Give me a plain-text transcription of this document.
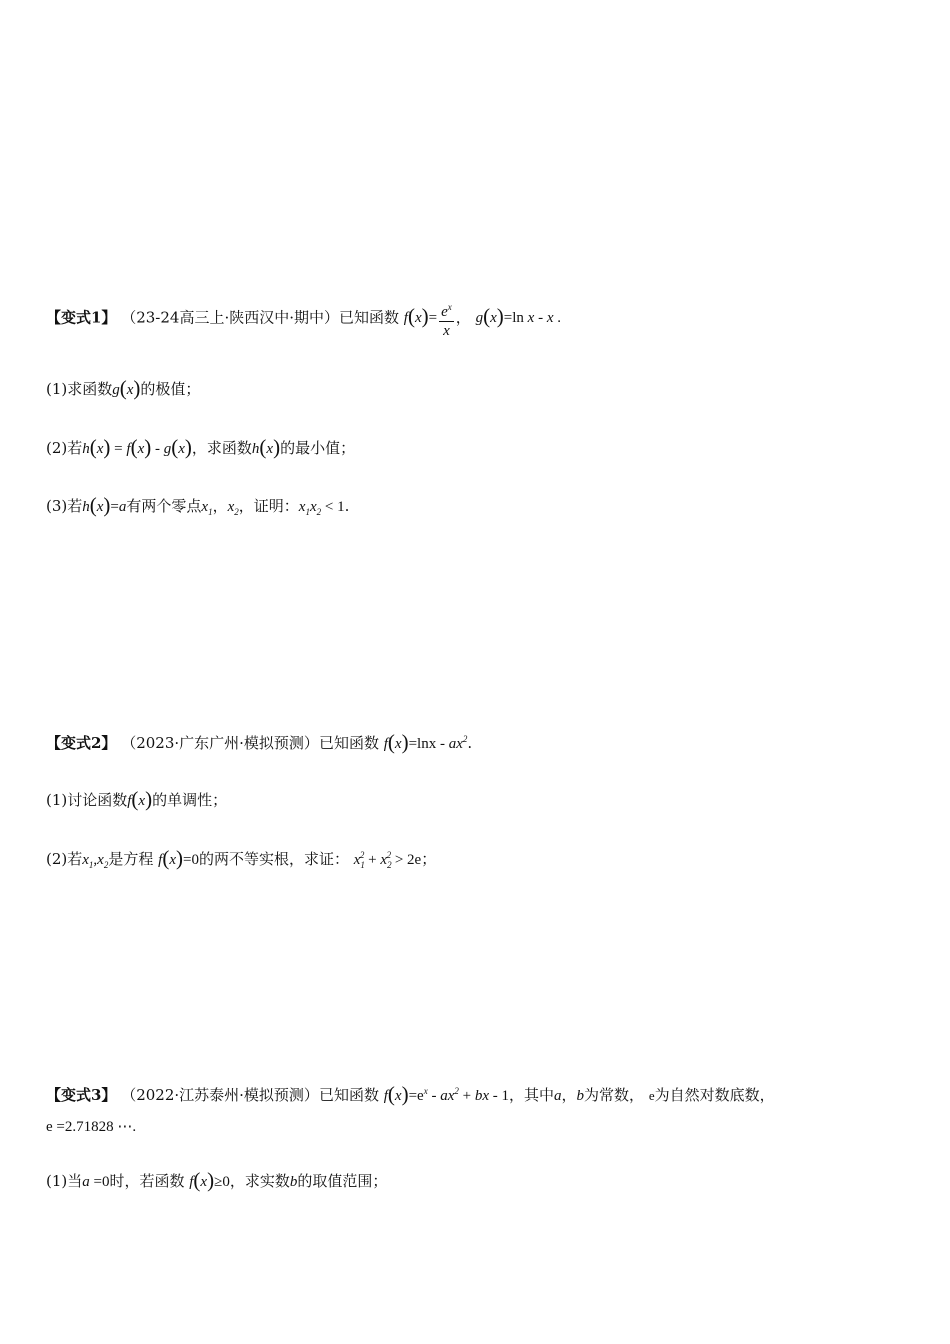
【变式1】 （23-24高三上·陕西汉中·期中）已知函数 $f(x)= \frac{e^x}{x}$ ， g(x)=ln x - x .
(1)求函数g(x)的极值；
(2)若h(x) = f(x) - g(x)，求函数h(x)的最小值；
(3)若h(x)=a有两个零点$x_1$，$x_2$，证明：$x_1x_2 < 1$.
【变式2】 （2023·广东广州·模拟预测）已知函数 $f(x)=\ln x - ax^2$.
(1)讨论函数f(x)的单调性；
(2)若$x_1,x_2$是方程 f(x)=0的两不等实根，求证： $x_1^2 + x_2^2 > 2e$；
【变式3】 （2022·江苏泰州·模拟预测）已知函数 $f(x)=e^x - ax^2$ + bx - 1，其中a，b为常数， e为自然对数底数，
e =2.71828 ⋯.
(1)当a =0时，若函数 f(x)≥0，求实数b的取值范围；
